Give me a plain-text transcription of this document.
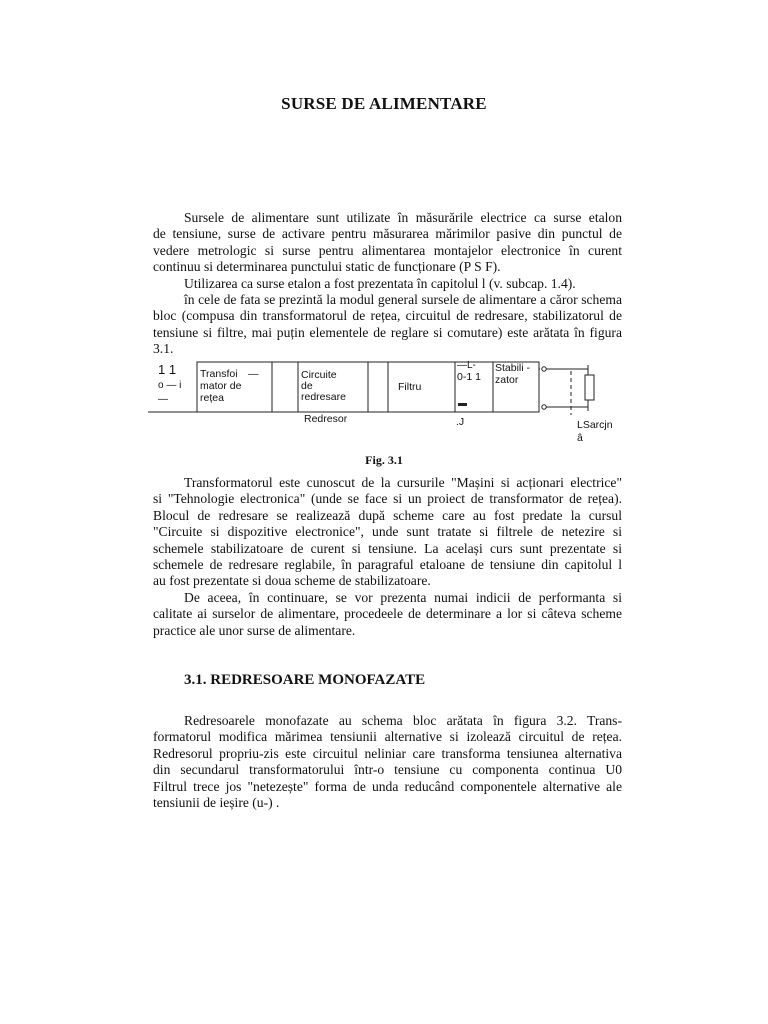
SURSE DE ALIMENTARE
Sursele de alimentare sunt utilizate în măsurările electrice ca surse etalon
de tensiune, surse de activare pentru măsurarea mărimilor pasive din punctul de
vedere metrologic si surse pentru alimentarea montajelor electronice în curent
continuu si determinarea punctului static de funcționare (P S F).
Utilizarea ca surse etalon a fost prezentata în capitolul l (v. subcap. 1.4).
în cele de fata se prezintă la modul general sursele de alimentare a căror schema
bloc (compusa din transformatorul de rețea, circuitul de redresare, stabilizatorul de
tensiune si filtre, mai puțin elementele de reglare si comutare) este arătata în figura 3.1.
1 1
o — i
—
Transfoi —
mator de
rețea
Circuite
de
redresare
Filtru
—L-
0-1 1
Stabili -
zator
Redresor	.J	LSarcjn
â
Fig. 3.1
Transformatorul este cunoscut de la cursurile "Mașini si acționari electrice"
si "Tehnologie electronica" (unde se face si un proiect de transformator de rețea).
Blocul de redresare se realizează după scheme care au fost predate la cursul
"Circuite si dispozitive electronice", unde sunt tratate si filtrele de netezire si
schemele stabilizatoare de curent si tensiune. La același curs sunt prezentate si
schemele de redresare reglabile, în paragraful etaloane de tensiune din capitolul l
au fost prezentate si doua scheme de stabilizatoare.
De aceea, în continuare, se vor prezenta numai indicii de performanta si
calitate ai surselor de alimentare, procedeele de determinare a lor si câteva scheme
practice ale unor surse de alimentare.
3.1. REDRESOARE MONOFAZATE
Redresoarele monofazate au schema bloc arătata în figura 3.2. Trans-
formatorul modifica mărimea tensiunii alternative si izolează circuitul de rețea.
Redresorul propriu-zis este circuitul neliniar care transforma tensiunea alternativa
din secundarul transformatorului într-o tensiune cu componenta continua U0
Filtrul trece jos "netezește" forma de unda reducând componentele alternative ale
tensiunii de ieșire (u-) .
